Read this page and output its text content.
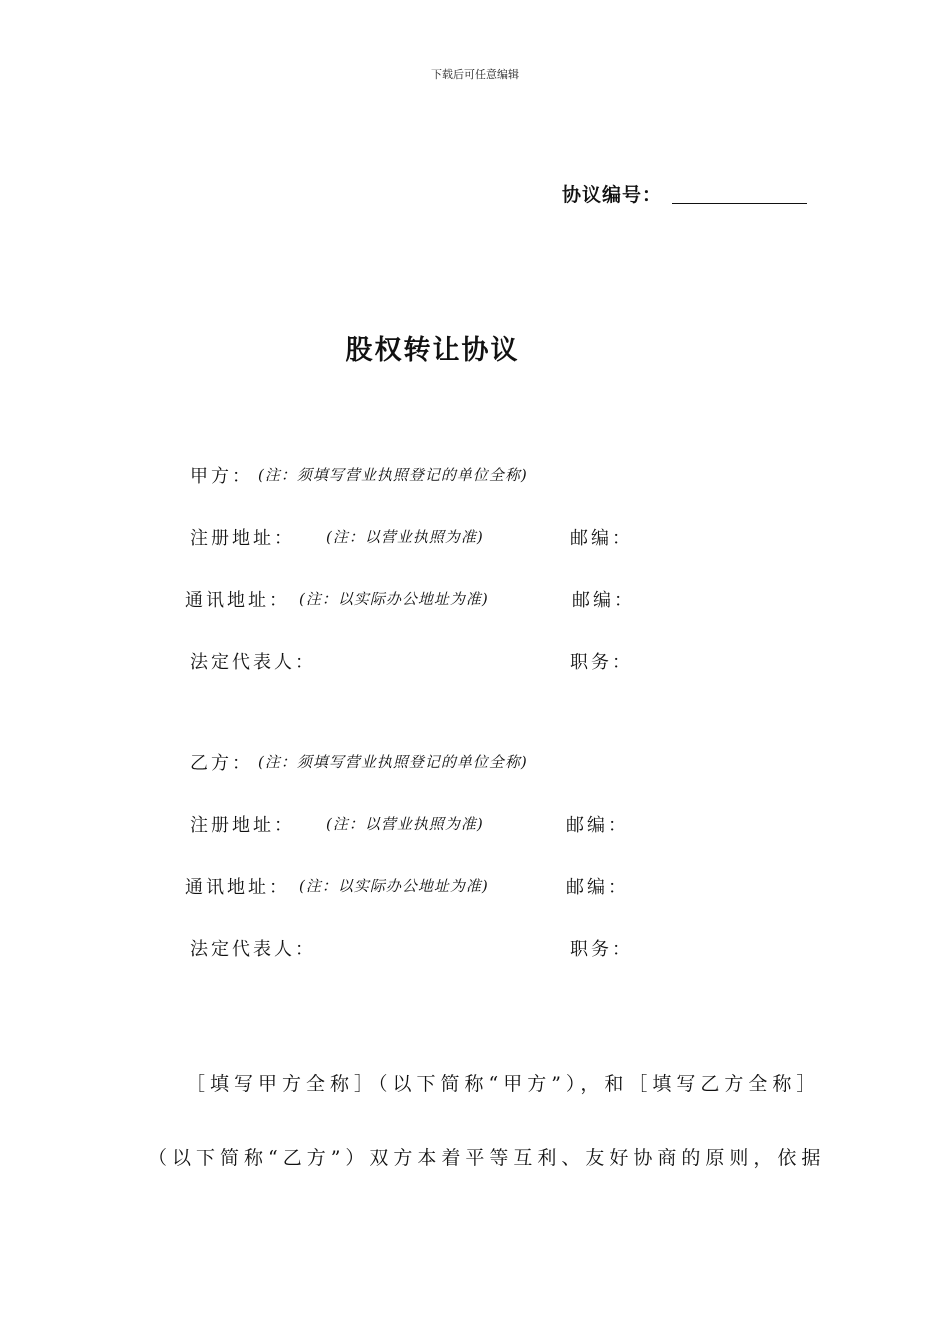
下载后可任意编辑
协议编号：
股权转让协议
甲方： (注：须填写营业执照登记的单位全称)
注册地址： (注：以营业执照为准)	邮编：
通讯地址： (注：以实际办公地址为准)	邮编：
法定代表人：	职务：
乙方： (注：须填写营业执照登记的单位全称)
注册地址： (注：以营业执照为准)	邮编：
通讯地址： (注：以实际办公地址为准)	邮编：
法定代表人：	职务：
［填写甲方全称］（以下简称“甲方”），和［填写乙方全称］
（以下简称“乙方”）双方本着平等互利、友好协商的原则，依据
